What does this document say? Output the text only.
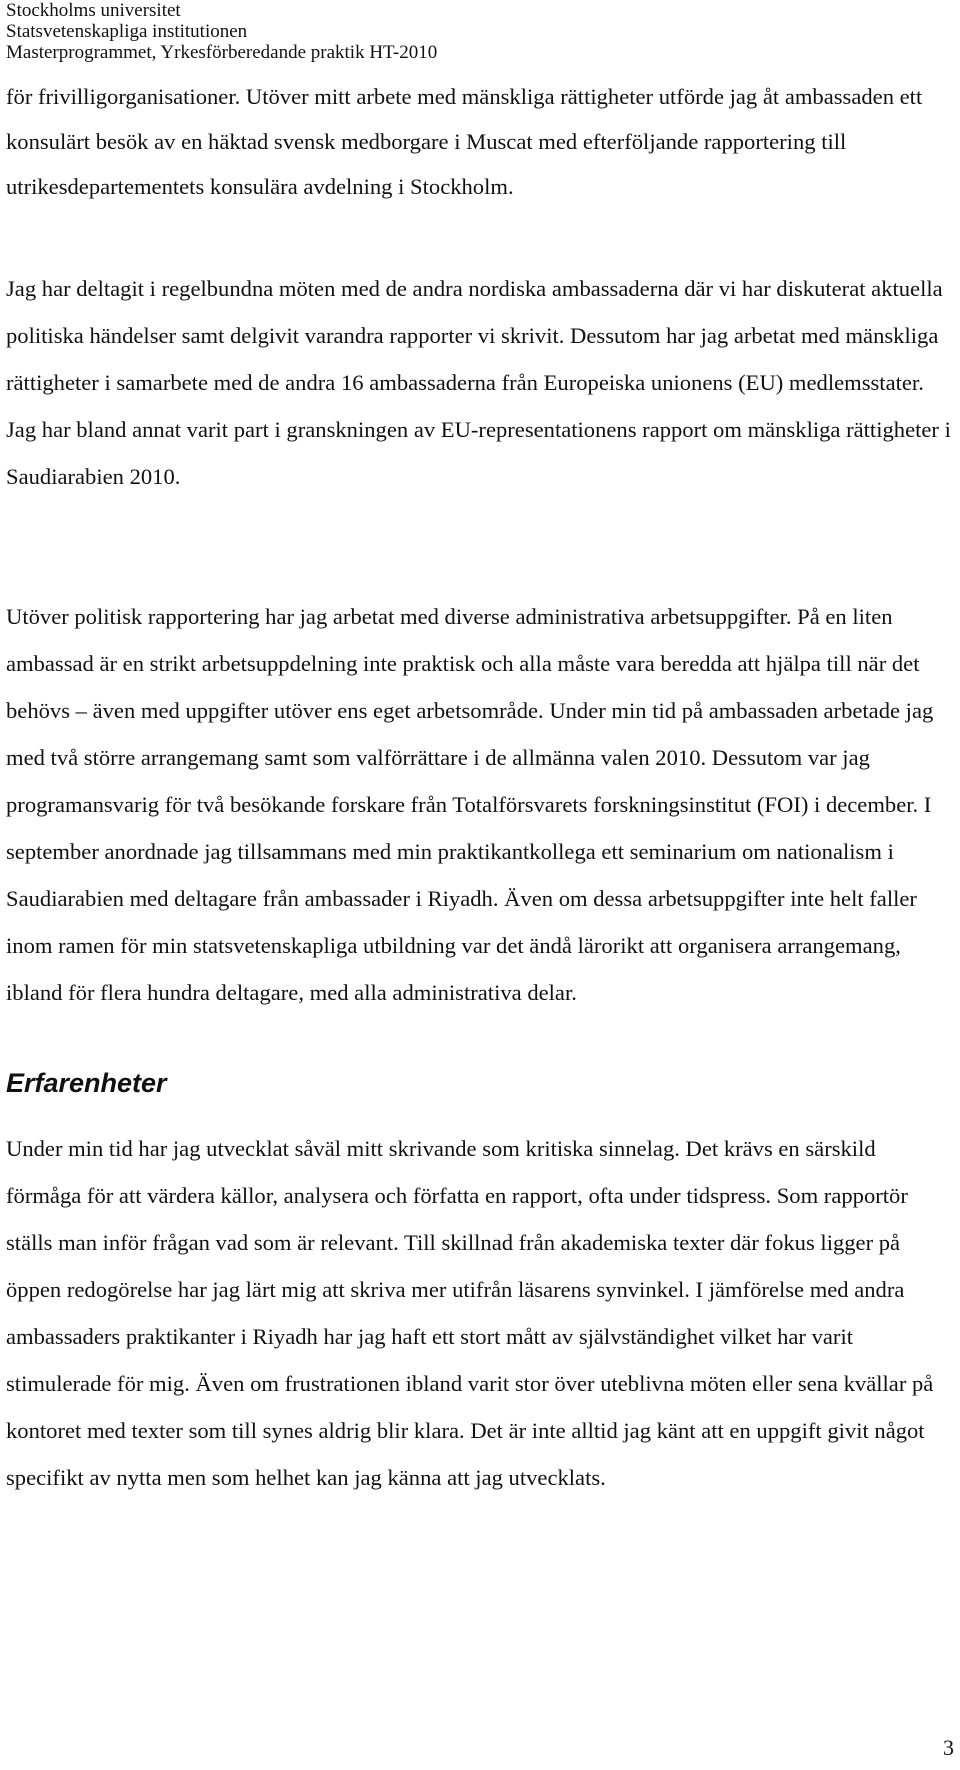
Stockholms universitet
Statsvetenskapliga institutionen
Masterprogrammet, Yrkesförberedande praktik HT-2010

för frivilligorganisationer. Utöver mitt arbete med mänskliga rättigheter utförde jag åt ambassaden ett konsulärt besök av en häktad svensk medborgare i Muscat med efterföljande rapportering till utrikesdepartementets konsulära avdelning i Stockholm.

Jag har deltagit i regelbundna möten med de andra nordiska ambassaderna där vi har diskuterat aktuella politiska händelser samt delgivit varandra rapporter vi skrivit. Dessutom har jag arbetat med mänskliga rättigheter i samarbete med de andra 16 ambassaderna från Europeiska unionens (EU) medlemsstater. Jag har bland annat varit part i granskningen av EU-representationens rapport om mänskliga rättigheter i Saudiarabien 2010.

Utöver politisk rapportering har jag arbetat med diverse administrativa arbetsuppgifter. På en liten ambassad är en strikt arbetsuppdelning inte praktisk och alla måste vara beredda att hjälpa till när det behövs – även med uppgifter utöver ens eget arbetsområde. Under min tid på ambassaden arbetade jag med två större arrangemang samt som valförrättare i de allmänna valen 2010. Dessutom var jag programansvarig för två besökande forskare från Totalförsvarets forskningsinstitut (FOI) i december. I september anordnade jag tillsammans med min praktikantkollega ett seminarium om nationalism i Saudiarabien med deltagare från ambassader i Riyadh. Även om dessa arbetsuppgifter inte helt faller inom ramen för min statsvetenskapliga utbildning var det ändå lärorikt att organisera arrangemang, ibland för flera hundra deltagare, med alla administrativa delar.

Erfarenheter

Under min tid har jag utvecklat såväl mitt skrivande som kritiska sinnelag. Det krävs en särskild förmåga för att värdera källor, analysera och författa en rapport, ofta under tidspress. Som rapportör ställs man inför frågan vad som är relevant. Till skillnad från akademiska texter där fokus ligger på öppen redogörelse har jag lärt mig att skriva mer utifrån läsarens synvinkel. I jämförelse med andra ambassaders praktikanter i Riyadh har jag haft ett stort mått av självständighet vilket har varit stimulerade för mig. Även om frustrationen ibland varit stor över uteblivna möten eller sena kvällar på kontoret med texter som till synes aldrig blir klara. Det är inte alltid jag känt att en uppgift givit något specifikt av nytta men som helhet kan jag känna att jag utvecklats.

3
